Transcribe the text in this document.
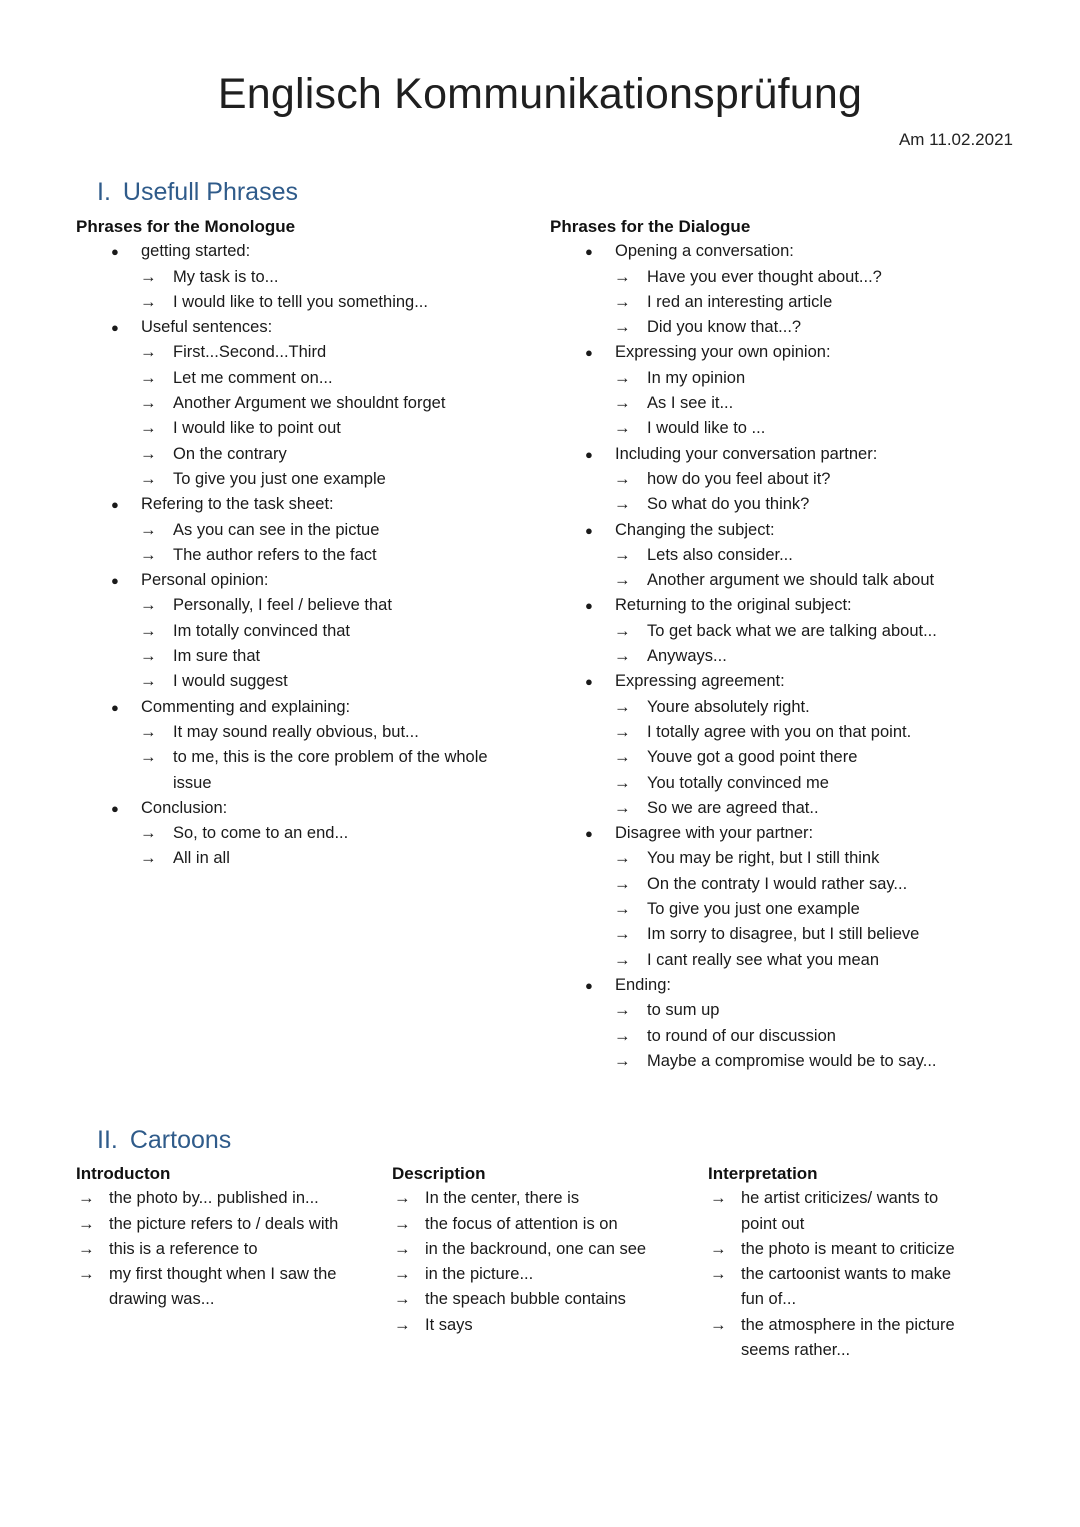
Englisch Kommunikationsprüfung
Am 11.02.2021
I. Usefull Phrases
Phrases for the Monologue
● getting started:
→ My task is to...
→ I would like to telll you something...
● Useful sentences:
→ First...Second...Third
→ Let me comment on...
→ Another Argument we shouldnt forget
→ I would like to point out
→ On the contrary
→ To give you just one example
● Refering to the task sheet:
→ As you can see in the pictue
→ The author refers to the fact
● Personal opinion:
→ Personally, I feel / believe that
→ Im totally convinced that
→ Im sure that
→ I would suggest
● Commenting and explaining:
→ It may sound really obvious, but...
→ to me, this is the core problem of the whole
issue
● Conclusion:
→ So, to come to an end...
→ All in all
Phrases for the Dialogue
● Opening a conversation:
→ Have you ever thought about...?
→ I red an interesting article
→ Did you know that...?
● Expressing your own opinion:
→ In my opinion
→ As I see it...
→ I would like to ...
● Including your conversation partner:
→ how do you feel about it?
→ So what do you think?
● Changing the subject:
→ Lets also consider...
→ Another argument we should talk about
● Returning to the original subject:
→ To get back what we are talking about...
→ Anyways...
● Expressing agreement:
→ Youre absolutely right.
→ I totally agree with you on that point.
→ Youve got a good point there
→ You totally convinced me
→ So we are agreed that..
● Disagree with your partner:
→ You may be right, but I still think
→ On the contraty I would rather say...
→ To give you just one example
→ Im sorry to disagree, but I still believe
→ I cant really see what you mean
● Ending:
→ to sum up
→ to round of our discussion
→ Maybe a compromise would be to say...
II. Cartoons
Introducton
→ the photo by... published in...
→ the picture refers to / deals with
→ this is a reference to
→ my first thought when I saw the
drawing was...
Description
→ In the center, there is
→ the focus of attention is on
→ in the backround, one can see
→ in the picture...
→ the speach bubble contains
→ It says
Interpretation
→ he artist criticizes/ wants to
point out
→ the photo is meant to criticize
→ the cartoonist wants to make
fun of...
→ the atmosphere in the picture
seems rather...
